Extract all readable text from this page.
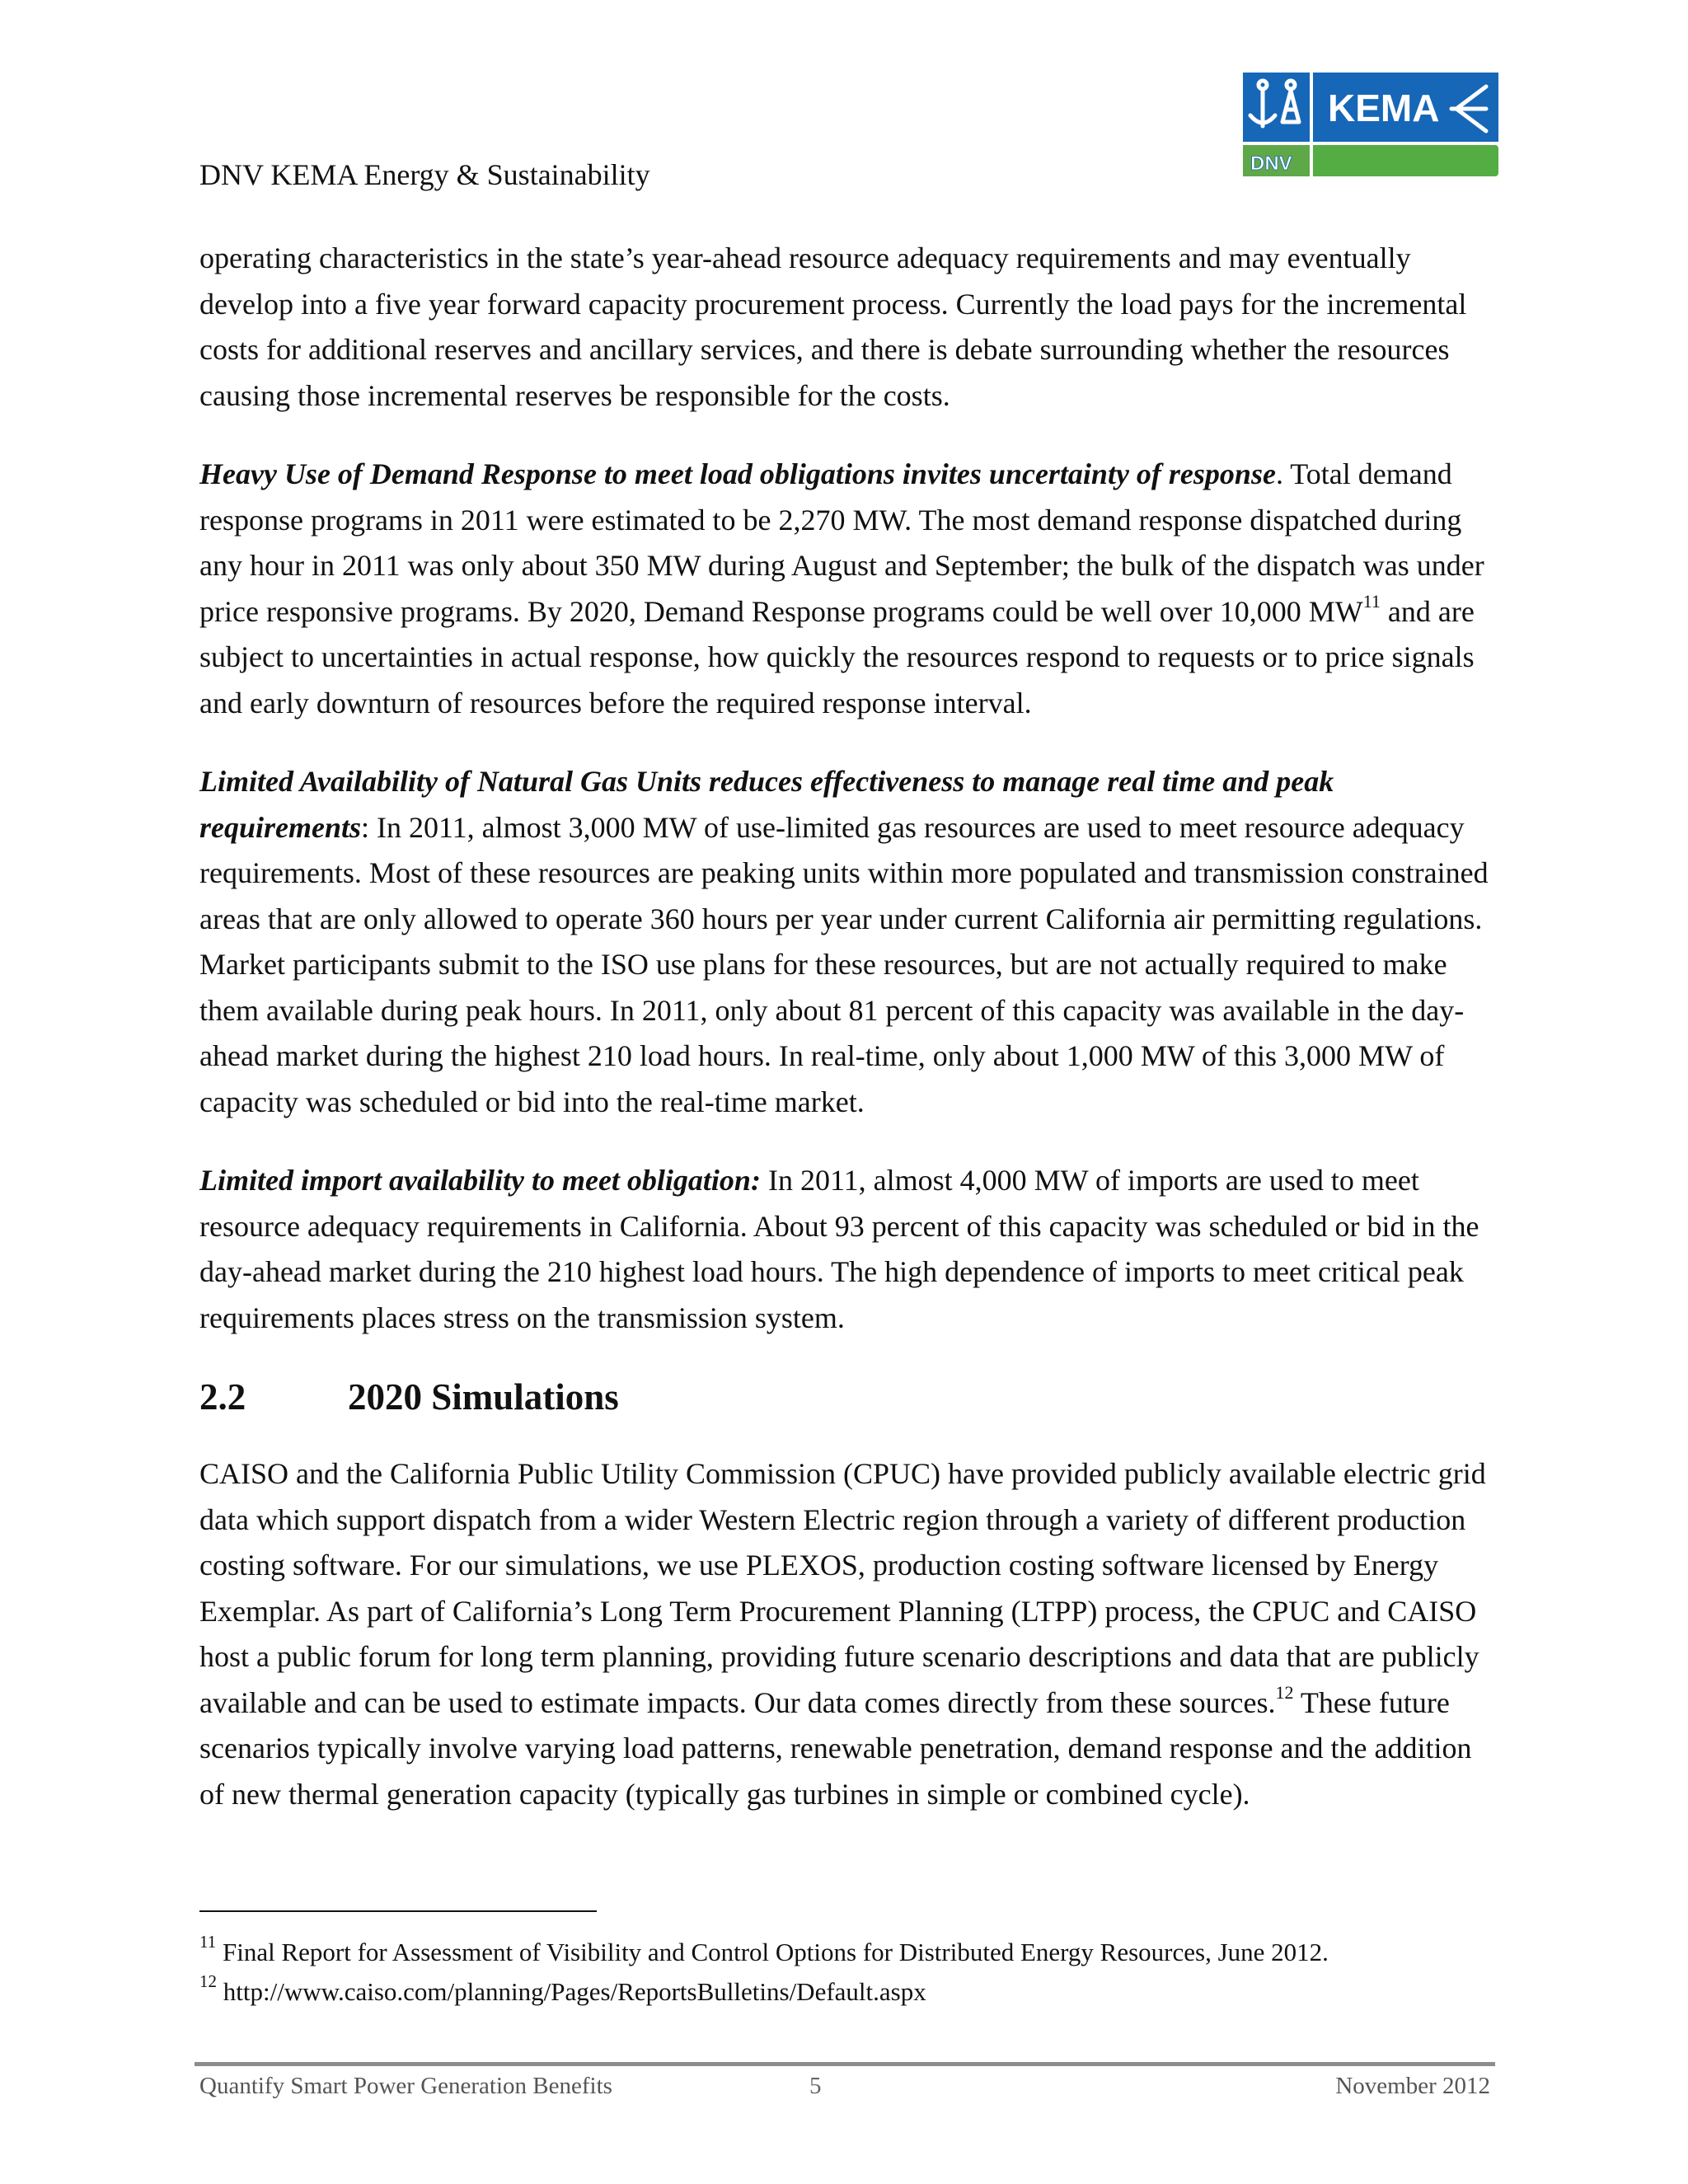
DNV KEMA Energy & Sustainability
KEMA
DNV

operating characteristics in the state’s year-ahead resource adequacy requirements and may eventually develop into a five year forward capacity procurement process. Currently the load pays for the incremental costs for additional reserves and ancillary services, and there is debate surrounding whether the resources causing those incremental reserves be responsible for the costs.

Heavy Use of Demand Response to meet load obligations invites uncertainty of response. Total demand response programs in 2011 were estimated to be 2,270 MW. The most demand response dispatched during any hour in 2011 was only about 350 MW during August and September; the bulk of the dispatch was under price responsive programs. By 2020, Demand Response programs could be well over 10,000 MW$^{11}$ and are subject to uncertainties in actual response, how quickly the resources respond to requests or to price signals and early downturn of resources before the required response interval.

Limited Availability of Natural Gas Units reduces effectiveness to manage real time and peak requirements: In 2011, almost 3,000 MW of use-limited gas resources are used to meet resource adequacy requirements. Most of these resources are peaking units within more populated and transmission constrained areas that are only allowed to operate 360 hours per year under current California air permitting regulations. Market participants submit to the ISO use plans for these resources, but are not actually required to make them available during peak hours. In 2011, only about 81 percent of this capacity was available in the day-ahead market during the highest 210 load hours. In real-time, only about 1,000 MW of this 3,000 MW of capacity was scheduled or bid into the real-time market.

Limited import availability to meet obligation: In 2011, almost 4,000 MW of imports are used to meet resource adequacy requirements in California. About 93 percent of this capacity was scheduled or bid in the day-ahead market during the 210 highest load hours. The high dependence of imports to meet critical peak requirements places stress on the transmission system.

2.2	2020 Simulations

CAISO and the California Public Utility Commission (CPUC) have provided publicly available electric grid data which support dispatch from a wider Western Electric region through a variety of different production costing software. For our simulations, we use PLEXOS, production costing software licensed by Energy Exemplar. As part of California’s Long Term Procurement Planning (LTPP) process, the CPUC and CAISO host a public forum for long term planning, providing future scenario descriptions and data that are publicly available and can be used to estimate impacts. Our data comes directly from these sources.$^{12}$ These future scenarios typically involve varying load patterns, renewable penetration, demand response and the addition of new thermal generation capacity (typically gas turbines in simple or combined cycle).

$^{11}$ Final Report for Assessment of Visibility and Control Options for Distributed Energy Resources, June 2012.
$^{12}$ http://www.caiso.com/planning/Pages/ReportsBulletins/Default.aspx
Quantify Smart Power Generation Benefits	5	November 2012
